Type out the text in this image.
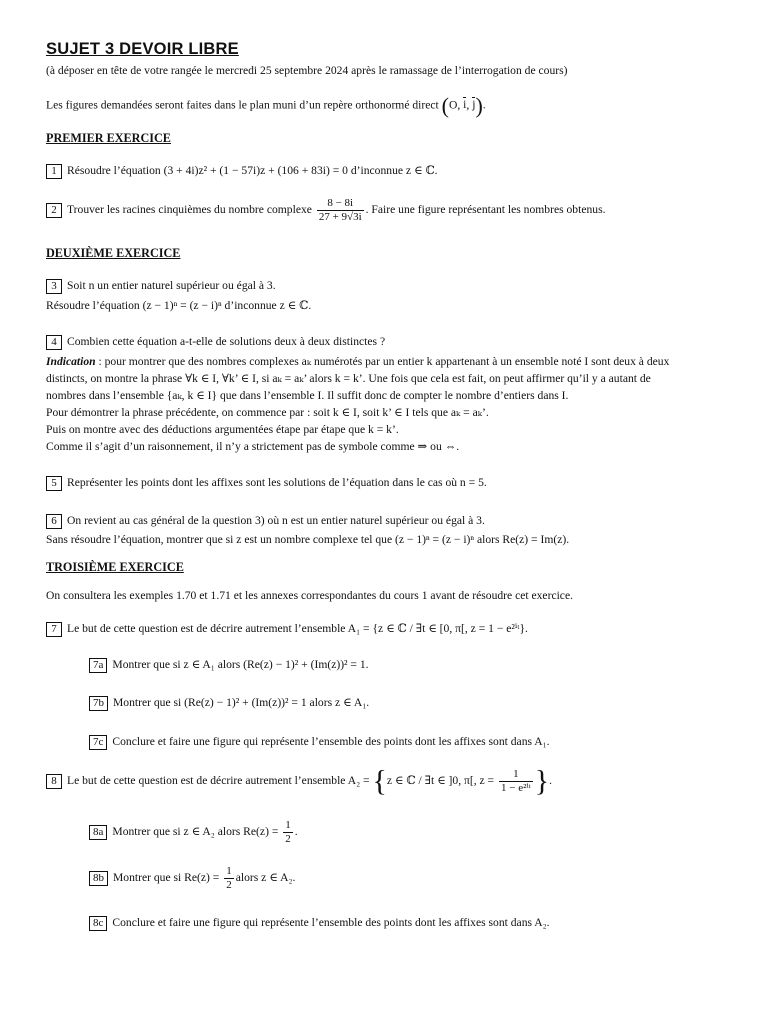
SUJET 3 DEVOIR LIBRE
(à déposer en tête de votre rangée le mercredi 25 septembre 2024 après le ramassage de l’interrogation de cours)
Les figures demandées seront faites dans le plan muni d’un repère orthonormé direct (O, i, j).
PREMIER EXERCICE
1 Résoudre l’équation (3 + 4i)z² + (1 − 57i)z + (106 + 83i) = 0 d’inconnue z ∈ ℂ.
2 Trouver les racines cinquièmes du nombre complexe $\frac{8 - 8i}{27 + 9√3i}$ . Faire une figure représentant les nombres obtenus.
DEUXIÈME EXERCICE
3 Soit n un entier naturel supérieur ou égal à 3.
Résoudre l’équation (z − 1)ⁿ = (z − i)ⁿ d’inconnue z ∈ ℂ.
4 Combien cette équation a-t-elle de solutions deux à deux distinctes ?
Indication : pour montrer que des nombres complexes aₖ numérotés par un entier k appartenant à un ensemble noté I sont deux à deux
distincts, on montre la phrase ∀k ∈ I, ∀k’ ∈ I, si aₖ = aₖ’ alors k = k’. Une fois que cela est fait, on peut affirmer qu’il y a autant de
nombres dans l’ensemble {aₖ, k ∈ I} que dans l’ensemble I. Il suffit donc de compter le nombre d’entiers dans I.
Pour démontrer la phrase précédente, on commence par : soit k ∈ I, soit k’ ∈ I tels que aₖ = aₖ’.
Puis on montre avec des déductions argumentées étape par étape que k = k’.
Comme il s’agit d’un raisonnement, il n’y a strictement pas de symbole comme ⇒ ou ⇔.
5 Représenter les points dont les affixes sont les solutions de l’équation dans le cas où n = 5.
6 On revient au cas général de la question 3) où n est un entier naturel supérieur ou égal à 3.
Sans résoudre l’équation, montrer que si z est un nombre complexe tel que (z − 1)ⁿ = (z − i)ⁿ alors Re(z) = Im(z).
TROISIÈME EXERCICE
On consultera les exemples 1.70 et 1.71 et les annexes correspondantes du cours 1 avant de résoudre cet exercice.
7 Le but de cette question est de décrire autrement l’ensemble A₁ = {z ∈ ℂ / ∃t ∈ [0, π[, z = 1 − e²ⁱᵗ}.
7a Montrer que si z ∈ A₁ alors (Re(z) − 1)² + (Im(z))² = 1.
7b Montrer que si (Re(z) − 1)² + (Im(z))² = 1 alors z ∈ A₁.
7c Conclure et faire une figure qui représente l’ensemble des points dont les affixes sont dans A₁.
8 Le but de cette question est de décrire autrement l’ensemble A₂ = {z ∈ ℂ / ∃t ∈ ]0, π[, $z = \frac{1}{\text{1 − e²ⁱᵗ}}$ }.
8a Montrer que si z ∈ A₂ alors $Re(z) = \frac{1}{2}$ .
8b Montrer que si $Re(z) = \frac{1}{2}$ alors z ∈ A₂.
8c Conclure et faire une figure qui représente l’ensemble des points dont les affixes sont dans A₂.
